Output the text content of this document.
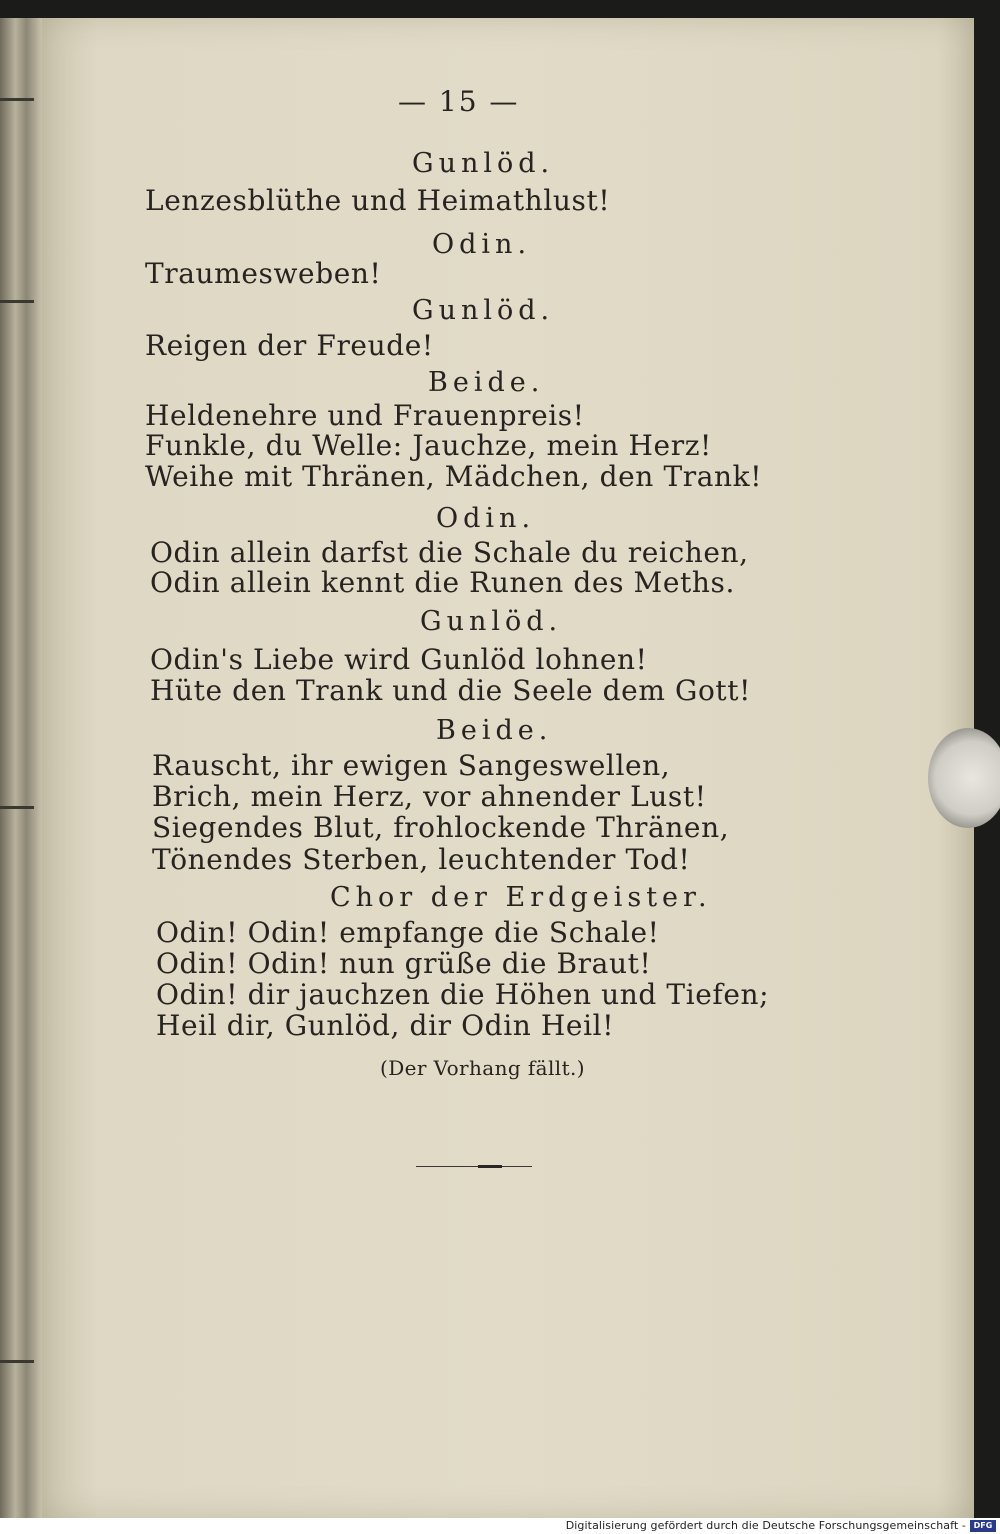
— 15 —
Gunlöd.
Lenzesblüthe und Heimathlust!
Odin.
Traumesweben!
Gunlöd.
Reigen der Freude!
Beide.
Heldenehre und Frauenpreis!
Funkle, du Welle: Jauchze, mein Herz!
Weihe mit Thränen, Mädchen, den Trank!
Odin.
Odin allein darfst die Schale du reichen,
Odin allein kennt die Runen des Meths.
Gunlöd.
Odin's Liebe wird Gunlöd lohnen!
Hüte den Trank und die Seele dem Gott!
Beide.
Rauscht, ihr ewigen Sangeswellen,
Brich, mein Herz, vor ahnender Lust!
Siegendes Blut, frohlockende Thränen,
Tönendes Sterben, leuchtender Tod!
Chor der Erdgeister.
Odin! Odin! empfange die Schale!
Odin! Odin! nun grüße die Braut!
Odin! dir jauchzen die Höhen und Tiefen;
Heil dir, Gunlöd, dir Odin Heil!
(Der Vorhang fällt.)
Digitalisierung gefördert durch die Deutsche Forschungsgemeinschaft - DFG
